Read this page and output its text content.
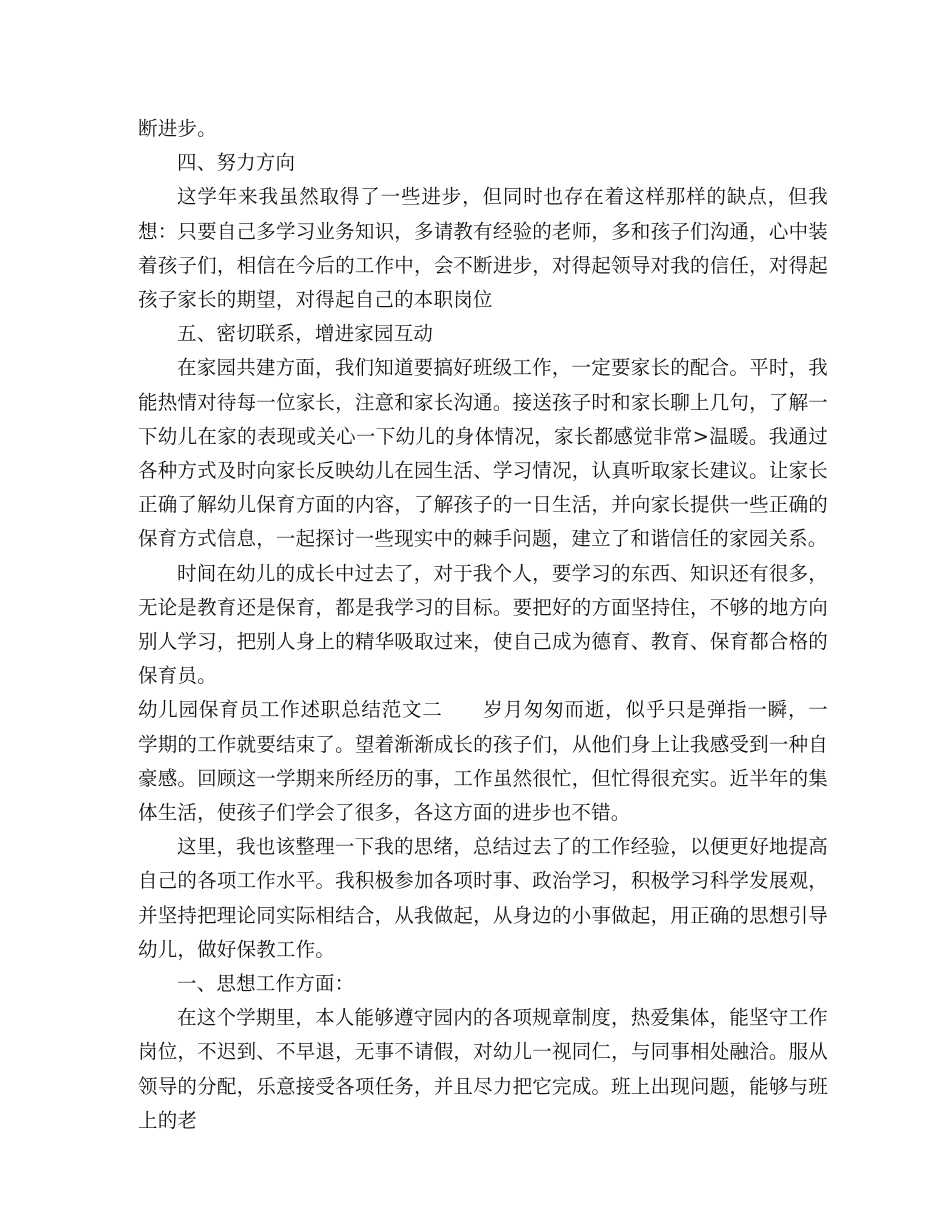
断进步。

四、努力方向

这学年来我虽然取得了一些进步，但同时也存在着这样那样的缺点，但我想：只要自己多学习业务知识，多请教有经验的老师，多和孩子们沟通，心中装着孩子们，相信在今后的工作中，会不断进步，对得起领导对我的信任，对得起孩子家长的期望，对得起自己的本职岗位

五、密切联系，增进家园互动

在家园共建方面，我们知道要搞好班级工作，一定要家长的配合。平时，我能热情对待每一位家长，注意和家长沟通。接送孩子时和家长聊上几句，了解一下幼儿在家的表现或关心一下幼儿的身体情况，家长都感觉非常>温暖。我通过各种方式及时向家长反映幼儿在园生活、学习情况，认真听取家长建议。让家长正确了解幼儿保育方面的内容，了解孩子的一日生活，并向家长提供一些正确的保育方式信息，一起探讨一些现实中的棘手问题，建立了和谐信任的家园关系。

时间在幼儿的成长中过去了，对于我个人，要学习的东西、知识还有很多，无论是教育还是保育，都是我学习的目标。要把好的方面坚持住，不够的地方向别人学习，把别人身上的精华吸取过来，使自己成为德育、教育、保育都合格的保育员。

幼儿园保育员工作述职总结范文二 岁月匆匆而逝，似乎只是弹指一瞬，一学期的工作就要结束了。望着渐渐成长的孩子们，从他们身上让我感受到一种自豪感。回顾这一学期来所经历的事，工作虽然很忙，但忙得很充实。近半年的集体生活，使孩子们学会了很多，各这方面的进步也不错。

这里，我也该整理一下我的思绪，总结过去了的工作经验，以便更好地提高自己的各项工作水平。我积极参加各项时事、政治学习，积极学习科学发展观，并坚持把理论同实际相结合，从我做起，从身边的小事做起，用正确的思想引导幼儿，做好保教工作。

一、思想工作方面：

在这个学期里，本人能够遵守园内的各项规章制度，热爱集体，能坚守工作岗位，不迟到、不早退，无事不请假，对幼儿一视同仁，与同事相处融洽。服从领导的分配，乐意接受各项任务，并且尽力把它完成。班上出现问题，能够与班上的老
